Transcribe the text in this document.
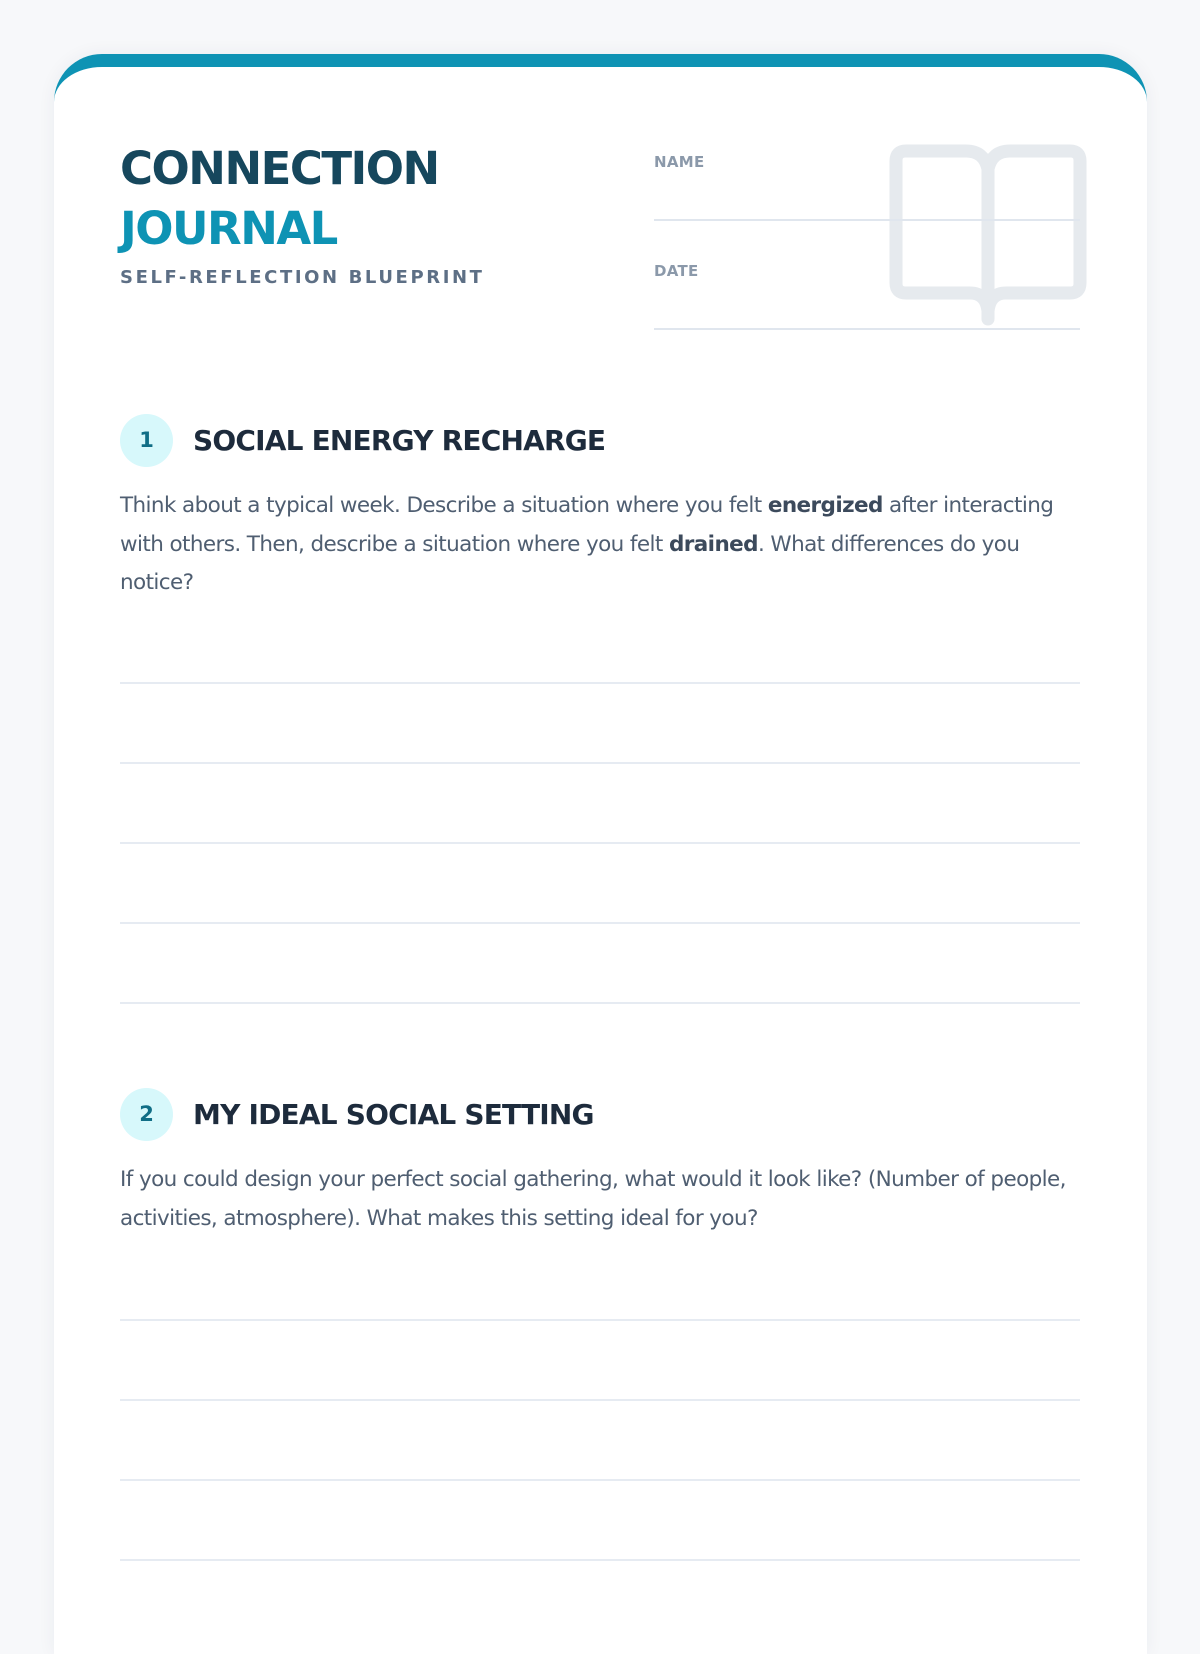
CONNECTION
JOURNAL
SELF-REFLECTION BLUEPRINT
NAME
DATE
1	SOCIAL ENERGY RECHARGE
Think about a typical week. Describe a situation where you felt energized after interacting with others. Then, describe a situation where you felt drained. What differences do you notice?
2	MY IDEAL SOCIAL SETTING
If you could design your perfect social gathering, what would it look like? (Number of people, activities, atmosphere). What makes this setting ideal for you?
